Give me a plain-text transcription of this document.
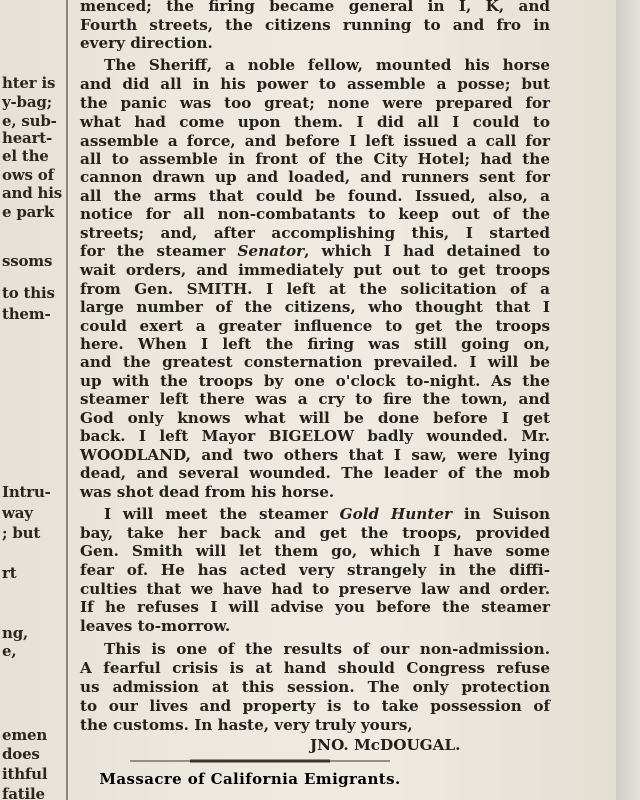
hter is
y-bag;
e, sub-
heart-
el the
ows of
and his
e park
ssoms
to this
them-
Intru-
way
; but
rt
ng,
e,
emen
does
ithful
fatile
menced; the firing became general in I, K, and
Fourth streets, the citizens running to and fro in
every direction.
The Sheriff, a noble fellow, mounted his horse
and did all in his power to assemble a posse; but
the panic was too great; none were prepared for
what had come upon them. I did all I could to
assemble a force, and before I left issued a call for
all to assemble in front of the City Hotel; had the
cannon drawn up and loaded, and runners sent for
all the arms that could be found. Issued, also, a
notice for all non-combatants to keep out of the
streets; and, after accomplishing this, I started
for the steamer Senator, which I had detained to
wait orders, and immediately put out to get troops
from Gen. SMITH. I left at the solicitation of a
large number of the citizens, who thought that I
could exert a greater influence to get the troops
here. When I left the firing was still going on,
and the greatest consternation prevailed. I will be
up with the troops by one o'clock to-night. As the
steamer left there was a cry to fire the town, and
God only knows what will be done before I get
back. I left Mayor BIGELOW badly wounded. Mr.
WOODLAND, and two others that I saw, were lying
dead, and several wounded. The leader of the mob
was shot dead from his horse.
I will meet the steamer Gold Hunter in Suison
bay, take her back and get the troops, provided
Gen. Smith will let them go, which I have some
fear of. He has acted very strangely in the diffi-
culties that we have had to preserve law and order.
If he refuses I will advise you before the steamer
leaves to-morrow.
This is one of the results of our non-admission.
A fearful crisis is at hand should Congress refuse
us admission at this session. The only protection
to our lives and property is to take possession of
the customs. In haste, very truly yours,
JNO. McDOUGAL.
Massacre of California Emigrants.
